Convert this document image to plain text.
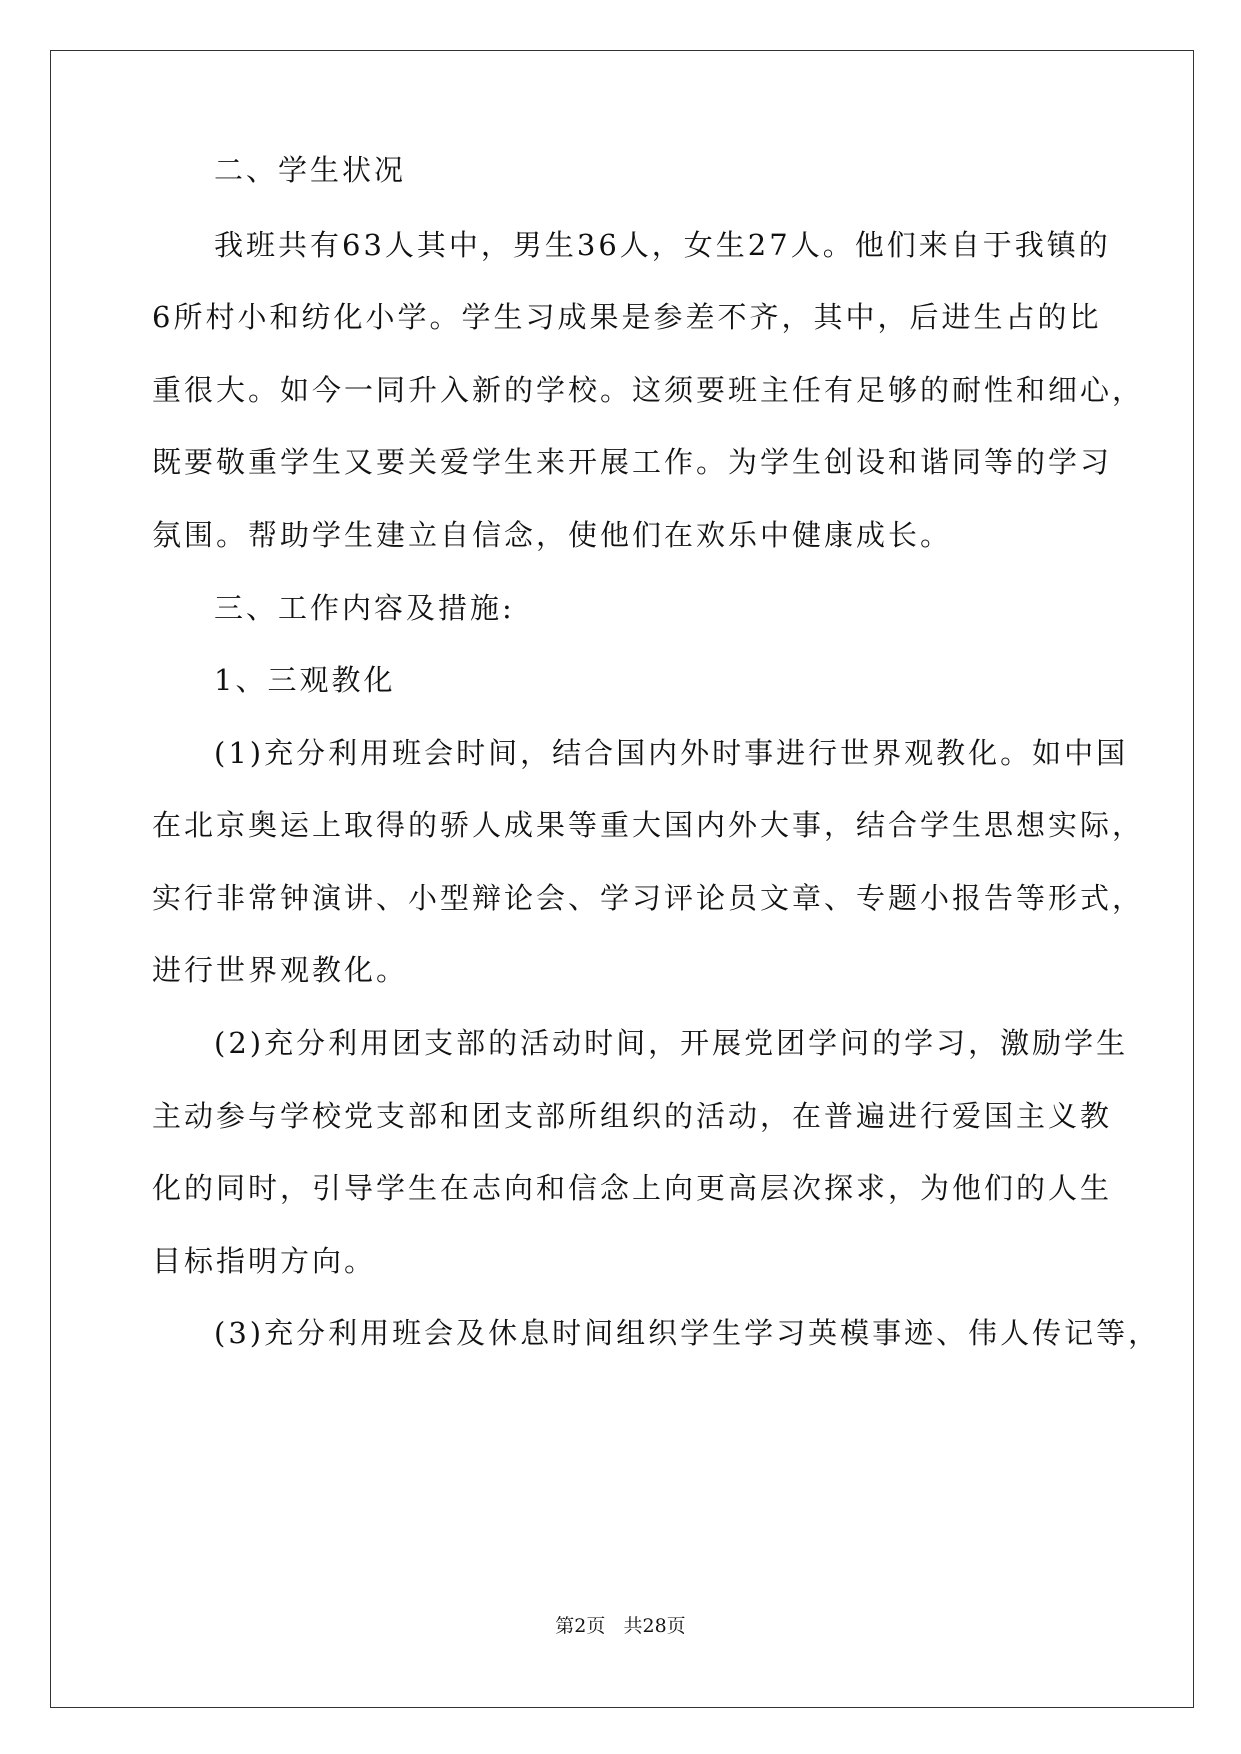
二、学生状况
我班共有63人其中，男生36人，女生27人。他们来自于我镇的
6所村小和纺化小学。学生习成果是参差不齐，其中，后进生占的比
重很大。如今一同升入新的学校。这须要班主任有足够的耐性和细心，
既要敬重学生又要关爱学生来开展工作。为学生创设和谐同等的学习
氛围。帮助学生建立自信念，使他们在欢乐中健康成长。
三、工作内容及措施:
1、三观教化
(1)充分利用班会时间，结合国内外时事进行世界观教化。如中国
在北京奥运上取得的骄人成果等重大国内外大事，结合学生思想实际，
实行非常钟演讲、小型辩论会、学习评论员文章、专题小报告等形式，
进行世界观教化。
(2)充分利用团支部的活动时间，开展党团学问的学习，激励学生
主动参与学校党支部和团支部所组织的活动，在普遍进行爱国主义教
化的同时，引导学生在志向和信念上向更高层次探求，为他们的人生
目标指明方向。
(3)充分利用班会及休息时间组织学生学习英模事迹、伟人传记等，
第2页   共28页
